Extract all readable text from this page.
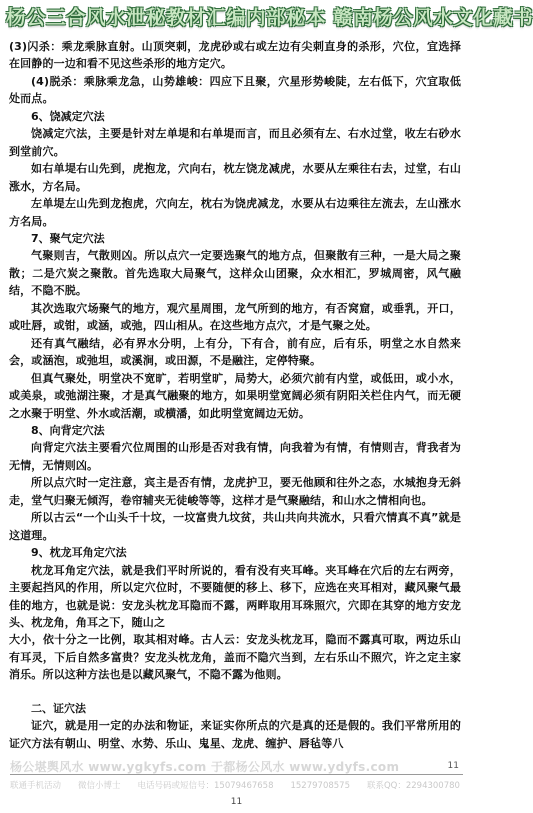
杨公三合风水泄秘教材汇编内部秘本 赣南杨公风水文化藏书

(3)闪杀：乘龙乘脉直射。山顶突刺，龙虎砂或右或左边有尖刺直身的杀形，穴位，宜选择在回静的一边和看不见这些杀形的地方定穴。

(4)脱杀：乘脉乘龙急，山势雄峻：四应下且聚，穴星形势峻陡，左右低下，穴宜取低处而点。

6、饶减定穴法

饶减定穴法，主要是针对左单堤和右单堤而言，而且必须有左、右水过堂，收左右砂水到堂前穴。

如右单堤右山先到，虎抱龙，穴向右，枕左饶龙减虎，水要从左乘往右去，过堂，右山涨水，方名局。

左单堤左山先到龙抱虎，穴向左，枕右为饶虎减龙，水要从右边乘往左流去，左山涨水方名局。

7、聚气定穴法

气聚则吉，气散则凶。所以点穴一定要选聚气的地方点，但聚散有三种，一是大局之聚散；二是穴炭之聚散。首先选取大局聚气，这样众山团聚，众水相汇，罗城周密，风气融结，不隐不脱。

其次选取穴场聚气的地方，观穴星周围，龙气所到的地方，有否窝窟，或垂乳，开口，或吐唇，或钳，或涵，或弛，四山相从。在这些地方点穴，才是气聚之处。

还有真气融结，必有界水分明，上有分，下有合，前有应，后有乐，明堂之水自然来会，或涵泡，或弛坦，或溪涧，或田源，不是融注，定停特聚。

但真气聚处，明堂决不宽旷，若明堂旷，局势大，必须穴前有内堂，或低田，或小水，或美泉，或弛湖注聚，才是真气融聚的地方，如果明堂宽阔必须有阴阳关栏住内气，而无硬之水聚于明堂、外水或活潮，或横潘，如此明堂宽阔边无妨。

8、向背定穴法

向背定穴法主要看穴位周围的山形是否对我有情，向我着为有情，有情则吉，背我者为无情，无情则凶。

所以点穴时一定注意，宾主是否有情，龙虎护卫，要无他顾和往外之态，水城抱身无斜走，堂气归聚无倾泻，卷帘辅夹无徒峻等等，这样才是气聚融结，和山水之情相向也。

所以古云“一个山头千十坟，一坟富贵九坟贫，共山共向共流水，只看穴情真不真”就是这道理。

9、枕龙耳角定穴法

枕龙耳角定穴法，就是我们平时所说的，看有没有夹耳峰。夹耳峰在穴后的左右两旁，主要起挡风的作用，所以定穴位时，不要随便的移上、移下，应选在夹耳相对，藏风聚气最佳的地方，也就是说：安龙头枕龙耳隐而不露，两畔取用耳珠照穴，穴即在其穿的地方安龙头、枕龙角，角耳之下，随山之

大小，依十分之一比例，取其相对峰。古人云：安龙头枕龙耳，隐而不露真可取，两边乐山有耳灵，下后自然多富贵？安龙头枕龙角，盖而不隐穴当到，左右乐山不照穴，许之定主家消乐。所以这种方法也是以藏风聚气，不隐不露为他则。

二、证穴法

证穴，就是用一定的办法和物证，来证实你所点的穴是真的还是假的。我们平常所用的证穴方法有朝山、明堂、水势、乐山、鬼星、龙虎、缠护、唇毡等八

杨公堪舆风水 www.ygkyfs.com 于都杨公风水 www.ydyfs.com	11
联通手机活动　　微信小博士　　电话号码或短信号：15079467658　　15279708575　　联系QQ：2294300780
11
